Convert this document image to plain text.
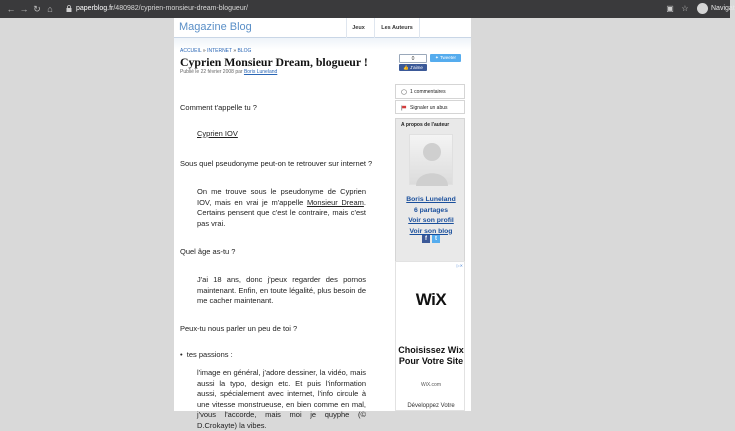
← → ↻ ⌂	paperblog.fr/480982/cyprien-monsieur-dream-blogueur/	▣ ☆	Navigat
Magazine Blog	Jeux	Les Auteurs
ACCUEIL » INTERNET » BLOG
Cyprien Monsieur Dream, blogueur !
Publié le 22 février 2008 par Boris Luneland
Comment t'appelle tu ?
Cyprien IOV
Sous quel pseudonyme peut-on te retrouver sur internet ?
On me trouve sous le pseudonyme de Cyprien IOV, mais en vrai je m'appelle Monsieur Dream. Certains pensent que c'est le contraire, mais c'est pas vrai.
Quel âge as-tu ?
J'ai 18 ans, donc j'peux regarder des pornos maintenant. Enfin, en toute légalité, plus besoin de me cacher maintenant.
Peux-tu nous parler un peu de toi ?
•  tes passions :
l'image en général, j'adore dessiner, la vidéo, mais aussi la typo, design etc. Et puis l'information aussi, spécialement avec internet, l'info circule à une vitesse monstrueuse, en bien comme en mal, j'vous l'accorde, mais moi je quyphe (© D.Crokayte) la vibes.
0
👍 J'aime
✦ Tweeter
1 commentaires
Signaler un abus
A propos de l'auteur
Boris Luneland
6 partages
Voir son profil
Voir son blog
f	t
▷✕
WiX
Choisissez Wix Pour Votre Site
WiX.com
Développez Votre
